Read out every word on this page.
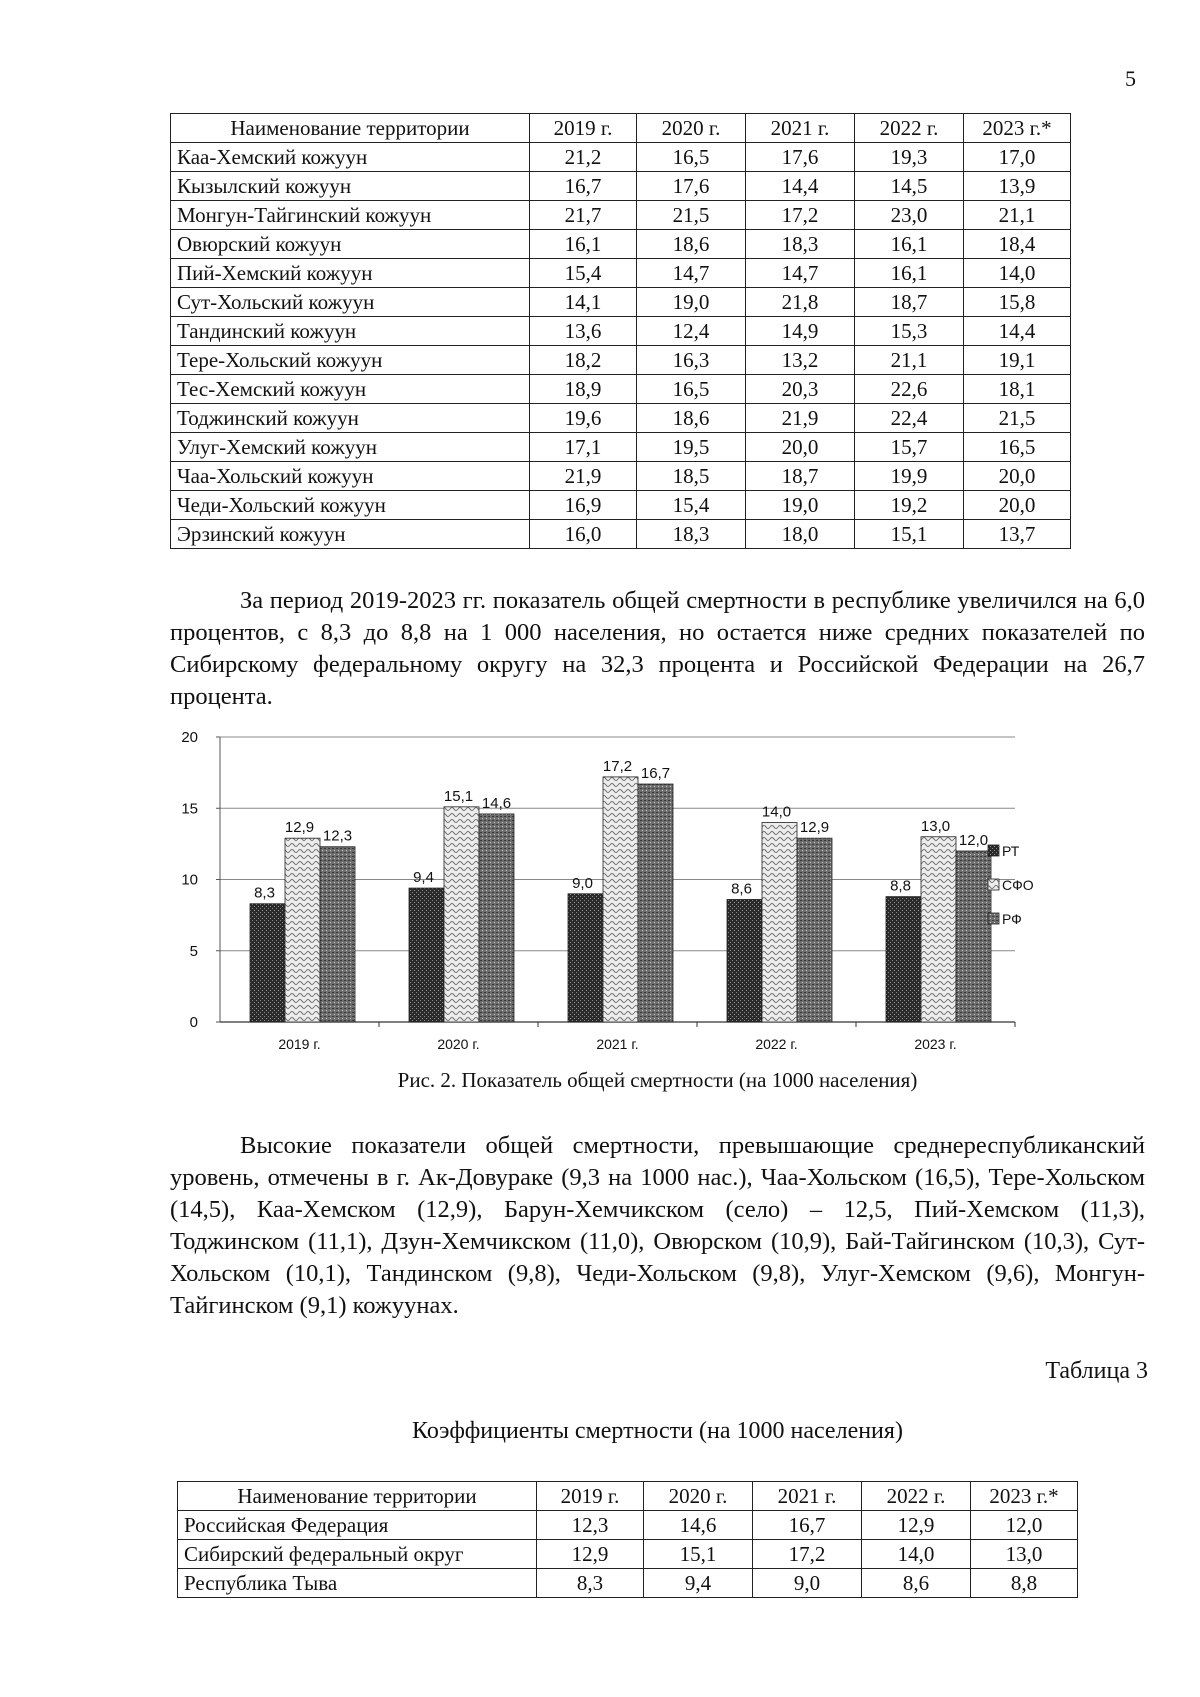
5
Наименование территории	2019 г.	2020 г.	2021 г.	2022 г.	2023 г.*
Каа-Хемский кожуун	21,2	16,5	17,6	19,3	17,0
Кызылский кожуун	16,7	17,6	14,4	14,5	13,9
Монгун-Тайгинский кожуун	21,7	21,5	17,2	23,0	21,1
Овюрский кожуун	16,1	18,6	18,3	16,1	18,4
Пий-Хемский кожуун	15,4	14,7	14,7	16,1	14,0
Сут-Хольский кожуун	14,1	19,0	21,8	18,7	15,8
Тандинский кожуун	13,6	12,4	14,9	15,3	14,4
Тере-Хольский кожуун	18,2	16,3	13,2	21,1	19,1
Тес-Хемский кожуун	18,9	16,5	20,3	22,6	18,1
Тоджинский кожуун	19,6	18,6	21,9	22,4	21,5
Улуг-Хемский кожуун	17,1	19,5	20,0	15,7	16,5
Чаа-Хольский кожуун	21,9	18,5	18,7	19,9	20,0
Чеди-Хольский кожуун	16,9	15,4	19,0	19,2	20,0
Эрзинский кожуун	16,0	18,3	18,0	15,1	13,7

За период 2019-2023 гг. показатель общей смертности в республике увеличился на 6,0 процентов, с 8,3 до 8,8 на 1 000 населения, но остается ниже средних показателей по Сибирскому федеральному округу на 32,3 процента и Российской Федерации на 26,7 процента.

0
5
10
15
20
2019 г.	2020 г.	2021 г.	2022 г.	2023 г.
8,3
12,9
12,3
9,4
15,1 14,6
9,0
17,2 16,7
8,6
14,0
12,9
8,8
13,0
12,0
РТ
СФО
РФ
Рис. 2. Показатель общей смертности (на 1000 населения)

Высокие показатели общей смертности, превышающие среднереспубликанский уровень, отмечены в г. Ак-Довураке (9,3 на 1000 нас.), Чаа-Хольском (16,5), Тере-Хольском (14,5), Каа-Хемском (12,9), Барун-Хемчикском (село) – 12,5, Пий-Хемском (11,3), Тоджинском (11,1), Дзун-Хемчикском (11,0), Овюрском (10,9), Бай-Тайгинском (10,3), Сут-Хольском (10,1), Тандинском (9,8), Чеди-Хольском (9,8), Улуг-Хемском (9,6), Монгун-Тайгинском (9,1) кожуунах.

Таблица 3
Коэффициенты смертности (на 1000 населения)
Наименование территории	2019 г.	2020 г.	2021 г.	2022 г.	2023 г.*
Российская Федерация	12,3	14,6	16,7	12,9	12,0
Сибирский федеральный округ	12,9	15,1	17,2	14,0	13,0
Республика Тыва	8,3	9,4	9,0	8,6	8,8
